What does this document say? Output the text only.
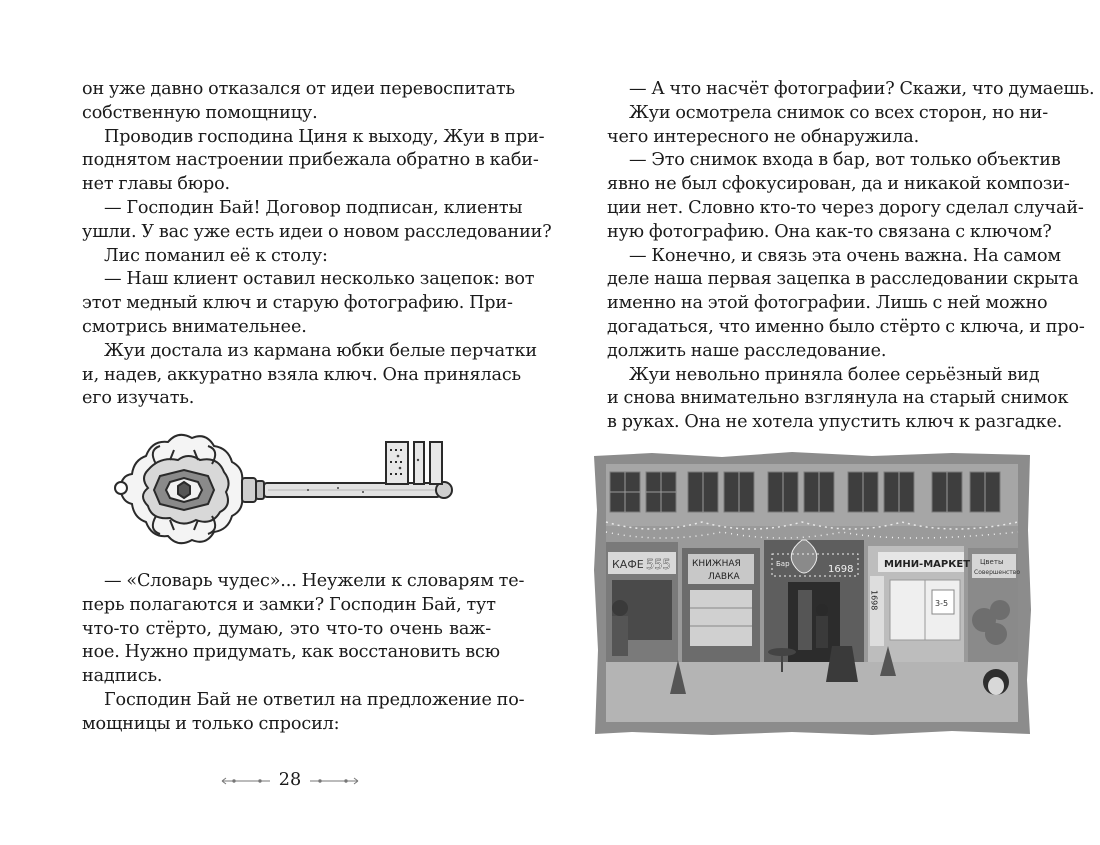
он уже давно отказался от идеи перевоспитать

собственную помощницу.

Проводив господина Циня к выходу, Жуи в при-

поднятом настроении прибежала обратно в каби-

нет главы бюро.

— Господин Бай! Договор подписан, клиенты

ушли. У вас уже есть идеи о новом расследовании?

Лис поманил её к столу:

— Наш клиент оставил несколько зацепок: вот

этот медный ключ и старую фотографию. При-

смотрись внимательнее.

Жуи достала из кармана юбки белые перчатки

и, надев, аккуратно взяла ключ. Она принялась

его изучать.

— «Словарь чудес»... Неужели к словарям те-

перь полагаются и замки? Господин Бай, тут

что-то стёрто, думаю, это что-то очень важ-

ное. Нужно придумать, как восстановить всю

надпись.

Господин Бай не ответил на предложение по-

мощницы и только спросил:

28

— А что насчёт фотографии? Скажи, что думаешь.

Жуи осмотрела снимок со всех сторон, но ни-

чего интересного не обнаружила.

— Это снимок входа в бар, вот только объектив

явно не был сфокусирован, да и никакой компози-

ции нет. Словно кто-то через дорогу сделал случай-

ную фотографию. Она как-то связана с ключом?

— Конечно, и связь эта очень важна. На самом

деле наша первая зацепка в расследовании скрыта

именно на этой фотографии. Лишь с ней можно

догадаться, что именно было стёрто с ключа, и про-

должить наше расследование.

Жуи невольно приняла более серьёзный вид

и снова внимательно взглянула на старый снимок

в руках. Она не хотела упустить ключ к разгадке.

КАФЕ 555 КНИЖНАЯ
ЛАВКА
1698
Бар	МИНИ-МАРКЕТ
1698	3-5
Цветы
Совершенство
